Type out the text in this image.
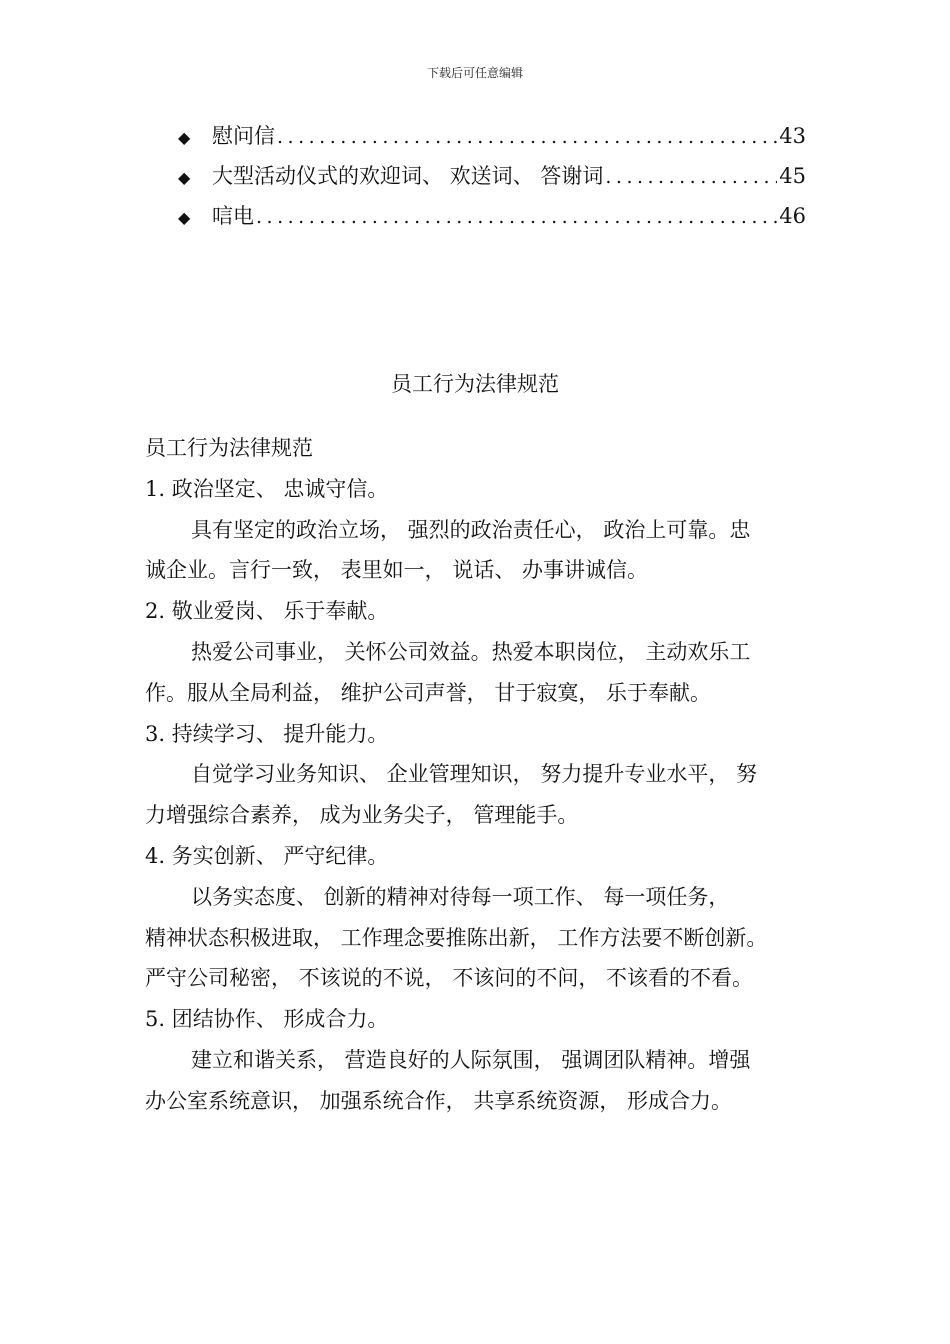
下载后可任意编辑
◆	慰问信 .....	43
◆	大型活动仪式的欢迎词、 欢送词、 答谢词 .....	45
◆	唁电 .....	46
员工行为法律规范
员工行为法律规范
1. 政治坚定、 忠诚守信。
具有坚定的政治立场， 强烈的政治责任心， 政治上可靠。忠
诚企业。言行一致， 表里如一， 说话、 办事讲诚信。
2. 敬业爱岗、 乐于奉献。
热爱公司事业， 关怀公司效益。热爱本职岗位， 主动欢乐工
作。服从全局利益， 维护公司声誉， 甘于寂寞， 乐于奉献。
3. 持续学习、 提升能力。
自觉学习业务知识、 企业管理知识， 努力提升专业水平， 努
力增强综合素养， 成为业务尖子， 管理能手。
4. 务实创新、 严守纪律。
以务实态度、 创新的精神对待每一项工作、 每一项任务，
精神状态积极进取， 工作理念要推陈出新， 工作方法要不断创新。
严守公司秘密， 不该说的不说， 不该问的不问， 不该看的不看。
5. 团结协作、 形成合力。
建立和谐关系， 营造良好的人际氛围， 强调团队精神。增强
办公室系统意识， 加强系统合作， 共享系统资源， 形成合力。
